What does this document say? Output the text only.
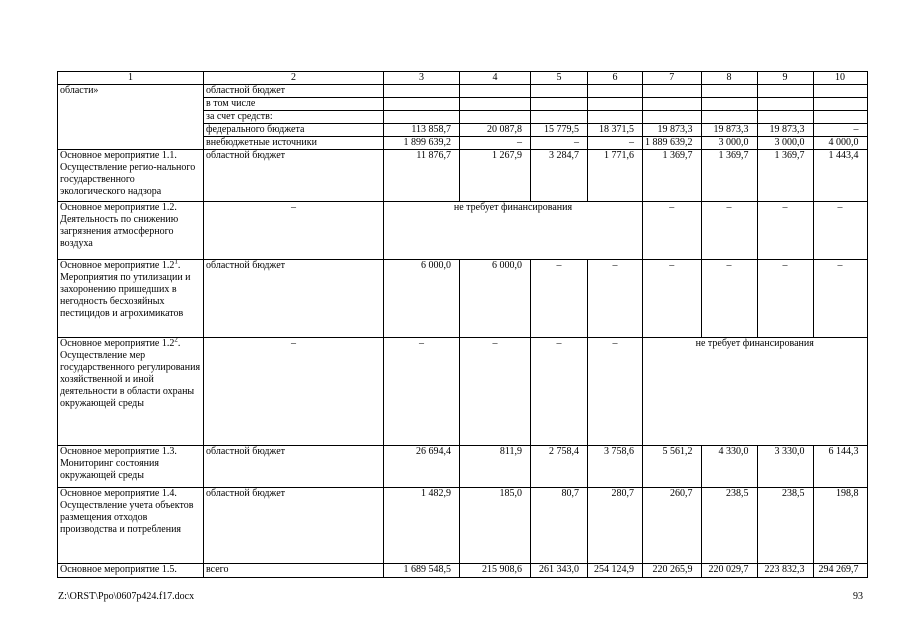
1	2	3	4	5	6	7	8	9	10
области»	областной бюджет								
	в том числе								
	за счет средств:								
	федерального бюджета	113 858,7	20 087,8	15 779,5	18 371,5	19 873,3	19 873,3	19 873,3	–
	внебюджетные источники	1 899 639,2	–	–	–	1 889 639,2	3 000,0	3 000,0	4 000,0
Основное мероприятие 1.1. Осуществление регио-нального государственного экологического надзора	областной бюджет	11 876,7	1 267,9	3 284,7	1 771,6	1 369,7	1 369,7	1 369,7	1 443,4
Основное мероприятие 1.2. Деятельность по снижению загрязнения атмосферного воздуха	–	не требует финансирования				–	–	–	–
Основное мероприятие $1.2^1$. Мероприятия по утилизации и захоронению пришедших в негодность бесхозяйных пестицидов и агрохимикатов	областной бюджет	6 000,0	6 000,0	–	–	–	–	–	–
Основное мероприятие $1.2^2$. Осуществление мер государственного регулирования хозяйственной и иной деятельности в области охраны окружающей среды	–	–	–	–	–	не требует финансирования			
Основное мероприятие 1.3. Мониторинг состояния окружающей среды	областной бюджет	26 694,4	811,9	2 758,4	3 758,6	5 561,2	4 330,0	3 330,0	6 144,3
Основное мероприятие 1.4. Осуществление учета объектов размещения отходов производства и потребления	областной бюджет	1 482,9	185,0	80,7	280,7	260,7	238,5	238,5	198,8
Основное мероприятие 1.5.	всего	1 689 548,5	215 908,6	261 343,0	254 124,9	220 265,9	220 029,7	223 832,3	294 269,7
Z:\ORST\Ppo\0607p424.f17.docx	93
